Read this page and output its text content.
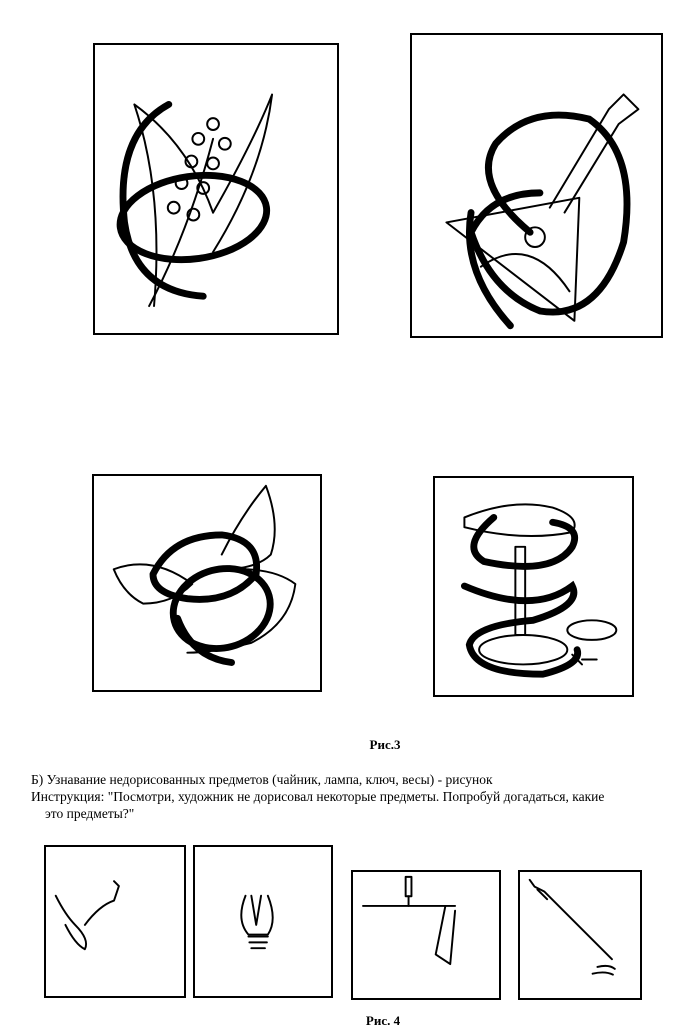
Рис.3
Б) Узнавание недорисованных предметов (чайник, лампа, ключ, весы) - рисунок
Инструкция: "Посмотри, художник не дорисовал некоторые предметы. Попробуй догадаться, какие
это предметы?"
Рис. 4
